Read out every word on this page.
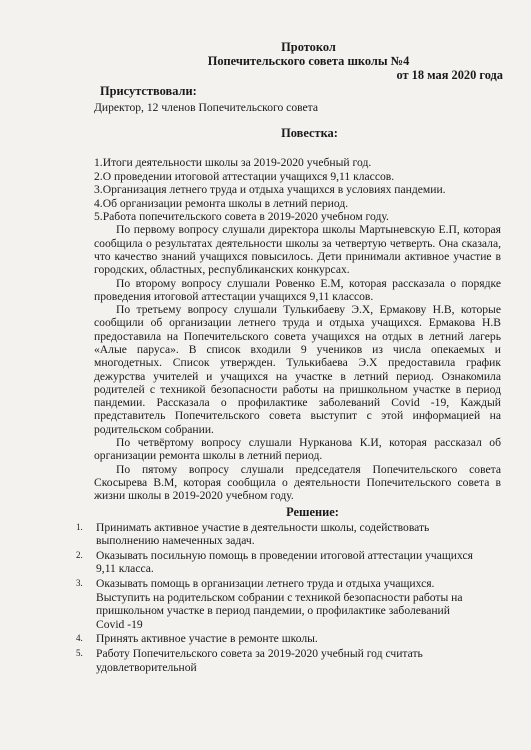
Протокол
Попечительского совета школы №4
от 18 мая 2020 года
Присутствовали:
Директор, 12 членов Попечительского совета
Повестка:
1.Итоги деятельности школы за 2019-2020 учебный год.
2.О проведении итоговой аттестации учащихся 9,11 классов.
3.Организация летнего труда и отдыха учащихся в условиях пандемии.
4.Об организации ремонта школы в летний период.
5.Работа попечительского совета в 2019-2020 учебном году.
По первому вопросу слушали директора школы Мартыневскую Е.П, которая сообщила о результатах деятельности школы за четвертую четверть. Она сказала, что качество знаний учащихся повысилось. Дети принимали активное участие в городских, областных, республиканских конкурсах.
По второму вопросу слушали Ровенко Е.М, которая рассказала о порядке проведения итоговой аттестации учащихся 9,11 классов.
По третьему вопросу слушали Тулькибаеву Э.Х, Ермакову Н.В, которые сообщили об организации летнего труда и отдыха учащихся. Ермакова Н.В предоставила на Попечительского совета учащихся на отдых в летний лагерь «Алые паруса». В список входили 9 учеников из числа опекаемых и многодетных. Список утвержден. Тулькибаева Э.Х предоставила график дежурства учителей и учащихся на участке в летний период. Ознакомила родителей с техникой безопасности работы на пришкольном участке в период пандемии. Рассказала о профилактике заболеваний Covid -19, Каждый представитель Попечительского совета выступит с этой информацией на родительском собрании.
По четвёртому вопросу слушали Нурканова К.И, которая рассказал об организации ремонта школы в летний период.
По пятому вопросу слушали председателя Попечительского совета Скосырева В.М, которая сообщила о деятельности Попечительского совета в жизни школы в 2019-2020 учебном году.
Решение:
1. Принимать активное участие в деятельности школы, содействовать
выполнению намеченных задач.
2. Оказывать посильную помощь в проведении итоговой аттестации учащихся
9,11 класса.
3. Оказывать помощь в организации летнего труда и отдыха учащихся.
Выступить на родительском собрании с техникой безопасности работы на
пришкольном участке в период пандемии, о профилактике заболеваний
Covid -19
4. Принять активное участие в ремонте школы.
5. Работу Попечительского совета за 2019-2020 учебный год считать
удовлетворительной
